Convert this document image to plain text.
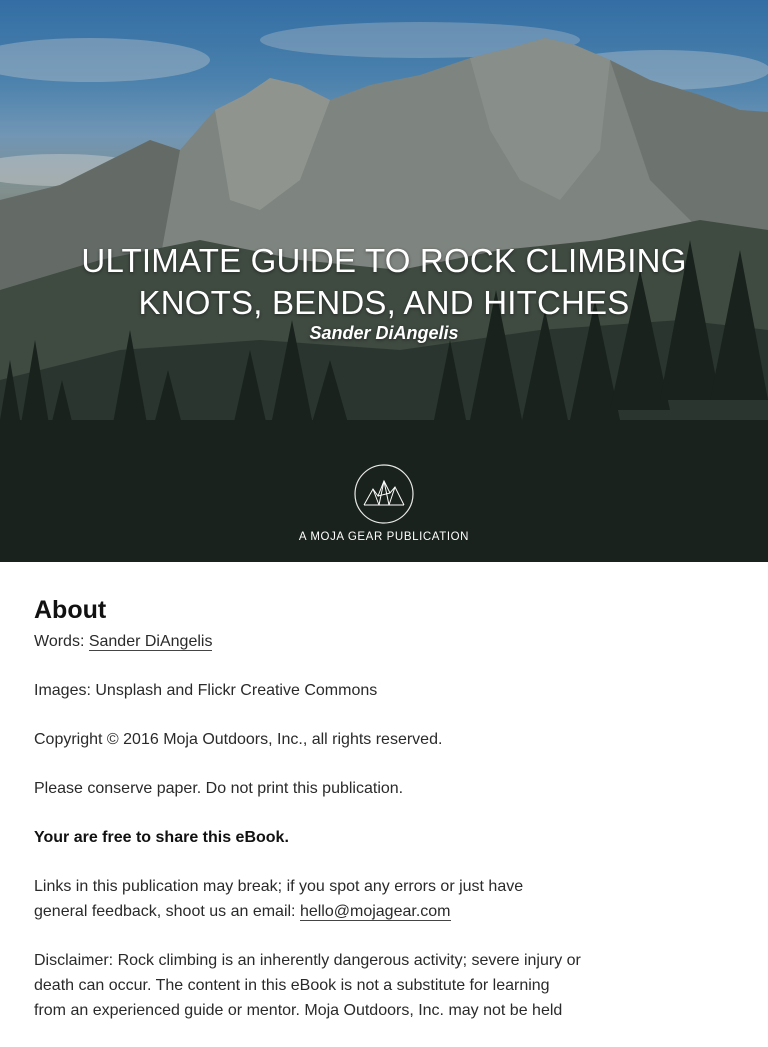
ULTIMATE GUIDE TO ROCK CLIMBING
KNOTS, BENDS, AND HITCHES
Sander DiAngelis
A MOJA GEAR PUBLICATION
About

Words: Sander DiAngelis

Images: Unsplash and Flickr Creative Commons

Copyright © 2016 Moja Outdoors, Inc., all rights reserved.

Please conserve paper. Do not print this publication.

Your are free to share this eBook.

Links in this publication may break; if you spot any errors or just have
general feedback, shoot us an email: hello@mojagear.com

Disclaimer: Rock climbing is an inherently dangerous activity; severe injury or
death can occur. The content in this eBook is not a substitute for learning
from an experienced guide or mentor. Moja Outdoors, Inc. may not be held
